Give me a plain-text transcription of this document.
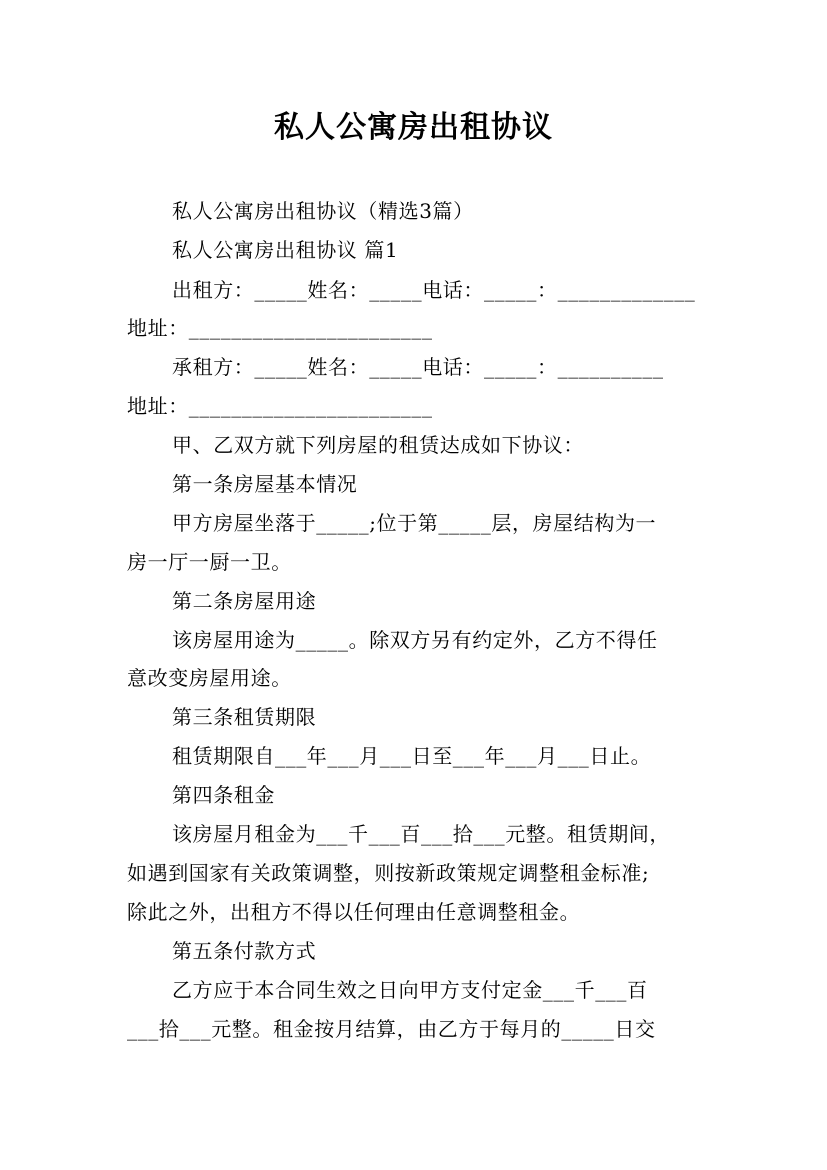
私人公寓房出租协议
私人公寓房出租协议（精选3篇）
私人公寓房出租协议 篇1
出租方：_____姓名：_____电话：_____：_____________
地址：_______________________
承租方：_____姓名：_____电话：_____：__________
地址：_______________________
甲、乙双方就下列房屋的租赁达成如下协议：
第一条房屋基本情况
甲方房屋坐落于_____;位于第_____层，房屋结构为一
房一厅一厨一卫。
第二条房屋用途
该房屋用途为_____。除双方另有约定外，乙方不得任
意改变房屋用途。
第三条租赁期限
租赁期限自___年___月___日至___年___月___日止。
第四条租金
该房屋月租金为___千___百___拾___元整。租赁期间，
如遇到国家有关政策调整，则按新政策规定调整租金标准;
除此之外，出租方不得以任何理由任意调整租金。
第五条付款方式
乙方应于本合同生效之日向甲方支付定金___千___百
___拾___元整。租金按月结算，由乙方于每月的_____日交
